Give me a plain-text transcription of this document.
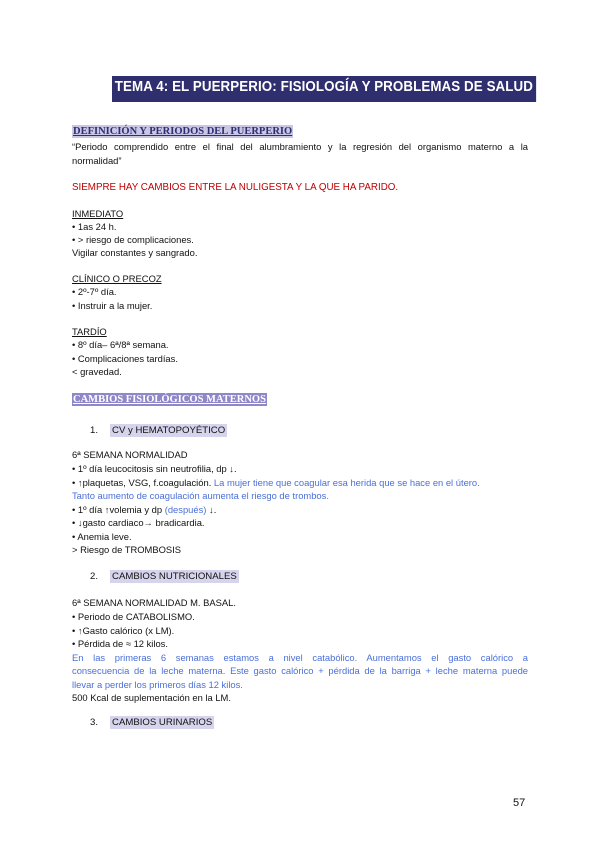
TEMA 4: EL PUERPERIO: FISIOLOGÍA Y PROBLEMAS DE SALUD
DEFINICIÓN Y PERIODOS DEL PUERPERIO
“Periodo comprendido entre el final del alumbramiento y la regresión del organismo materno a la
normalidad”
SIEMPRE HAY CAMBIOS ENTRE LA NULIGESTA Y LA QUE HA PARIDO.
INMEDIATO
• 1as 24 h.
• > riesgo de complicaciones.
Vigilar constantes y sangrado.
CLÍNICO O PRECOZ
• 2º-7º día.
• Instruir a la mujer.
TARDÍO
• 8º día– 6ª/8ª semana.
• Complicaciones tardías.
< gravedad.
CAMBIOS FISIOLÓGICOS MATERNOS
1. CV y HEMATOPOYÉTICO
6ª SEMANA NORMALIDAD
• 1º día leucocitosis sin neutrofilia, dp ↓.
• ↑plaquetas, VSG, f.coagulación. La mujer tiene que coagular esa herida que se hace en el útero.
Tanto aumento de coagulación aumenta el riesgo de trombos.
• 1º día ↑volemia y dp (después) ↓.
• ↓gasto cardiaco→ bradicardia.
• Anemia leve.
> Riesgo de TROMBOSIS
2. CAMBIOS NUTRICIONALES
6ª SEMANA NORMALIDAD M. BASAL.
• Periodo de CATABOLISMO.
• ↑Gasto calórico (x LM).
• Pérdida de ≈ 12 kilos.
En las primeras 6 semanas estamos a nivel catabólico. Aumentamos el gasto calórico a
consecuencia de la leche materna. Este gasto calórico + pérdida de la barriga + leche materna puede
llevar a perder los primeros días 12 kilos.
500 Kcal de suplementación en la LM.
3. CAMBIOS URINARIOS
57
